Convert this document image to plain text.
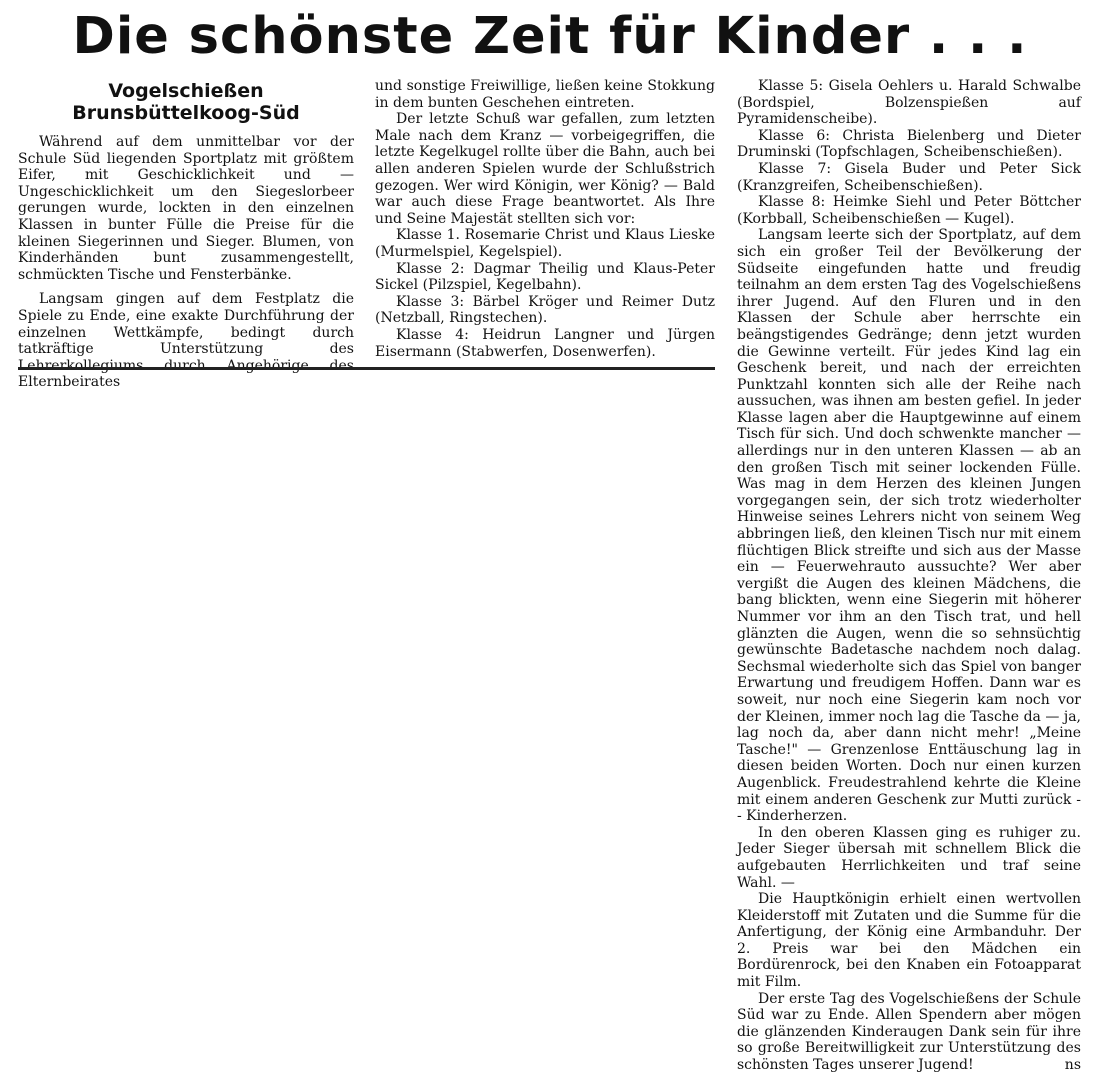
Die schönste Zeit für Kinder . . .
Vogelschießen
Brunsbüttelkoog-Süd

Während auf dem unmittelbar vor der Schule Süd liegenden Sportplatz mit größtem Eifer, mit Geschicklichkeit und — Ungeschicklichkeit um den Siegeslorbeer gerungen wurde, lockten in den einzelnen Klassen in bunter Fülle die Preise für die kleinen Siegerinnen und Sieger. Blumen, von Kinderhänden bunt zusammengestellt, schmückten Tische und Fensterbänke.

Langsam gingen auf dem Festplatz die Spiele zu Ende, eine exakte Durchführung der einzelnen Wettkämpfe, bedingt durch tatkräftige Unterstützung des Lehrerkollegiums durch Angehörige des Elternbeirates

und sonstige Freiwillige, ließen keine Stokkung in dem bunten Geschehen eintreten.

Der letzte Schuß war gefallen, zum letzten Male nach dem Kranz — vorbeigegriffen, die letzte Kegelkugel rollte über die Bahn, auch bei allen anderen Spielen wurde der Schlußstrich gezogen. Wer wird Königin, wer König? — Bald war auch diese Frage beantwortet. Als Ihre und Seine Majestät stellten sich vor:

Klasse 1. Rosemarie Christ und Klaus Lieske (Murmelspiel, Kegelspiel).

Klasse 2: Dagmar Theilig und Klaus-Peter Sickel (Pilzspiel, Kegelbahn).

Klasse 3: Bärbel Kröger und Reimer Dutz (Netzball, Ringstechen).

Klasse 4: Heidrun Langner und Jürgen Eisermann (Stabwerfen, Dosenwerfen).

Klasse 5: Gisela Oehlers u. Harald Schwalbe (Bordspiel, Bolzenspießen auf Pyramidenscheibe).

Klasse 6: Christa Bielenberg und Dieter Druminski (Topfschlagen, Scheibenschießen).

Klasse 7: Gisela Buder und Peter Sick (Kranzgreifen, Scheibenschießen).

Klasse 8: Heimke Siehl und Peter Böttcher (Korbball, Scheibenschießen — Kugel).

Langsam leerte sich der Sportplatz, auf dem sich ein großer Teil der Bevölkerung der Südseite eingefunden hatte und freudig teilnahm an dem ersten Tag des Vogelschießens ihrer Jugend. Auf den Fluren und in den Klassen der Schule aber herrschte ein beängstigendes Gedränge; denn jetzt wurden die Gewinne verteilt. Für jedes Kind lag ein Geschenk bereit, und nach der erreichten Punktzahl konnten sich alle der Reihe nach aussuchen, was ihnen am besten gefiel. In jeder Klasse lagen aber die Hauptgewinne auf einem Tisch für sich. Und doch schwenkte mancher — allerdings nur in den unteren Klassen — ab an den großen Tisch mit seiner lockenden Fülle. Was mag in dem Herzen des kleinen Jungen vorgegangen sein, der sich trotz wiederholter Hinweise seines Lehrers nicht von seinem Weg abbringen ließ, den kleinen Tisch nur mit einem flüchtigen Blick streifte und sich aus der Masse ein — Feuerwehrauto aussuchte? Wer aber vergißt die Augen des kleinen Mädchens, die bang blickten, wenn eine Siegerin mit höherer Nummer vor ihm an den Tisch trat, und hell glänzten die Augen, wenn die so sehnsüchtig gewünschte Badetasche nachdem noch dalag. Sechsmal wiederholte sich das Spiel von banger Erwartung und freudigem Hoffen. Dann war es soweit, nur noch eine Siegerin kam noch vor der Kleinen, immer noch lag die Tasche da — ja, lag noch da, aber dann nicht mehr! „Meine Tasche!" — Grenzenlose Enttäuschung lag in diesen beiden Worten. Doch nur einen kurzen Augenblick. Freudestrahlend kehrte die Kleine mit einem anderen Geschenk zur Mutti zurück - - Kinderherzen.

In den oberen Klassen ging es ruhiger zu. Jeder Sieger übersah mit schnellem Blick die aufgebauten Herrlichkeiten und traf seine Wahl. —

Die Hauptkönigin erhielt einen wertvollen Kleiderstoff mit Zutaten und die Summe für die Anfertigung, der König eine Armbanduhr. Der 2. Preis war bei den Mädchen ein Bordürenrock, bei den Knaben ein Fotoapparat mit Film.

Der erste Tag des Vogelschießens der Schule Süd war zu Ende. Allen Spendern aber mögen die glänzenden Kinderaugen Dank sein für ihre so große Bereitwilligkeit zur Unterstützung des schönsten Tages unserer Jugend!	ns
